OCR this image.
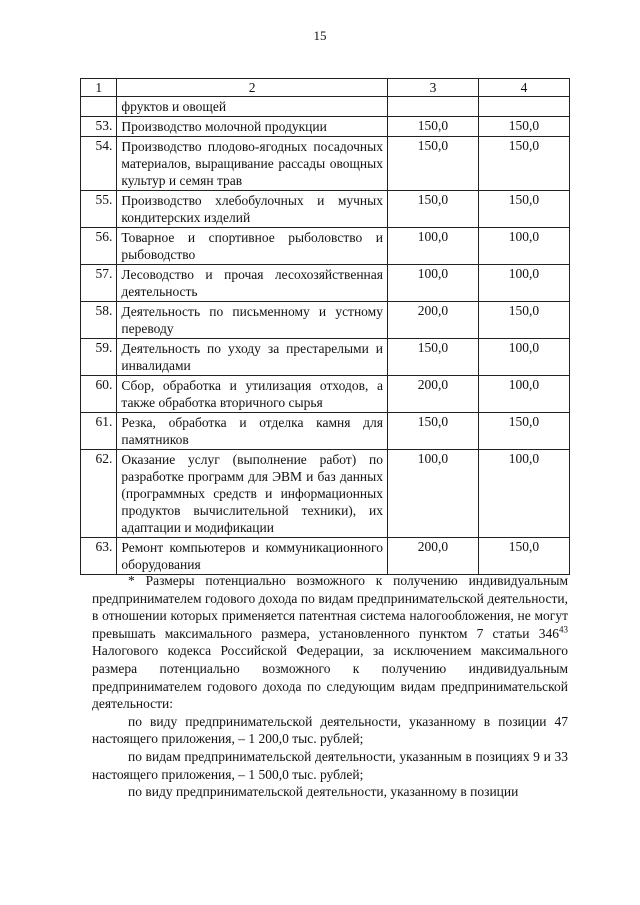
15
1	2	3	4
	фруктов и овощей		
53.	Производство молочной продукции	150,0	150,0
54.	Производство плодово-ягодных посадочных материалов, выращивание рассады овощных культур и семян трав	150,0	150,0
55.	Производство хлебобулочных и мучных кондитерских изделий	150,0	150,0
56.	Товарное и спортивное рыболовство и рыбоводство	100,0	100,0
57.	Лесоводство и прочая лесохозяйственная деятельность	100,0	100,0
58.	Деятельность по письменному и устному переводу	200,0	150,0
59.	Деятельность по уходу за престарелыми и инвалидами	150,0	100,0
60.	Сбор, обработка и утилизация отходов, а также обработка вторичного сырья	200,0	100,0
61.	Резка, обработка и отделка камня для памятников	150,0	150,0
62.	Оказание услуг (выполнение работ) по разработке программ для ЭВМ и баз данных (программных средств и информационных продуктов вычислительной техники), их адаптации и модификации	100,0	100,0
63.	Ремонт компьютеров и коммуникационного оборудования	200,0	150,0

* Размеры потенциально возможного к получению индивидуальным предпринимателем годового дохода по видам предпринимательской деятельности, в отношении которых применяется патентная система налогообложения, не могут превышать максимального размера, установленного пунктом 7 статьи $346^{43}$ Налогового кодекса Российской Федерации, за исключением максимального размера потенциально возможного к получению индивидуальным предпринимателем годового дохода по следующим видам предпринимательской деятельности:

по виду предпринимательской деятельности, указанному в позиции 47 настоящего приложения, – 1 200,0 тыс. рублей;

по видам предпринимательской деятельности, указанным в позициях 9 и 33 настоящего приложения, – 1 500,0 тыс. рублей;

по виду предпринимательской деятельности, указанному в позиции
